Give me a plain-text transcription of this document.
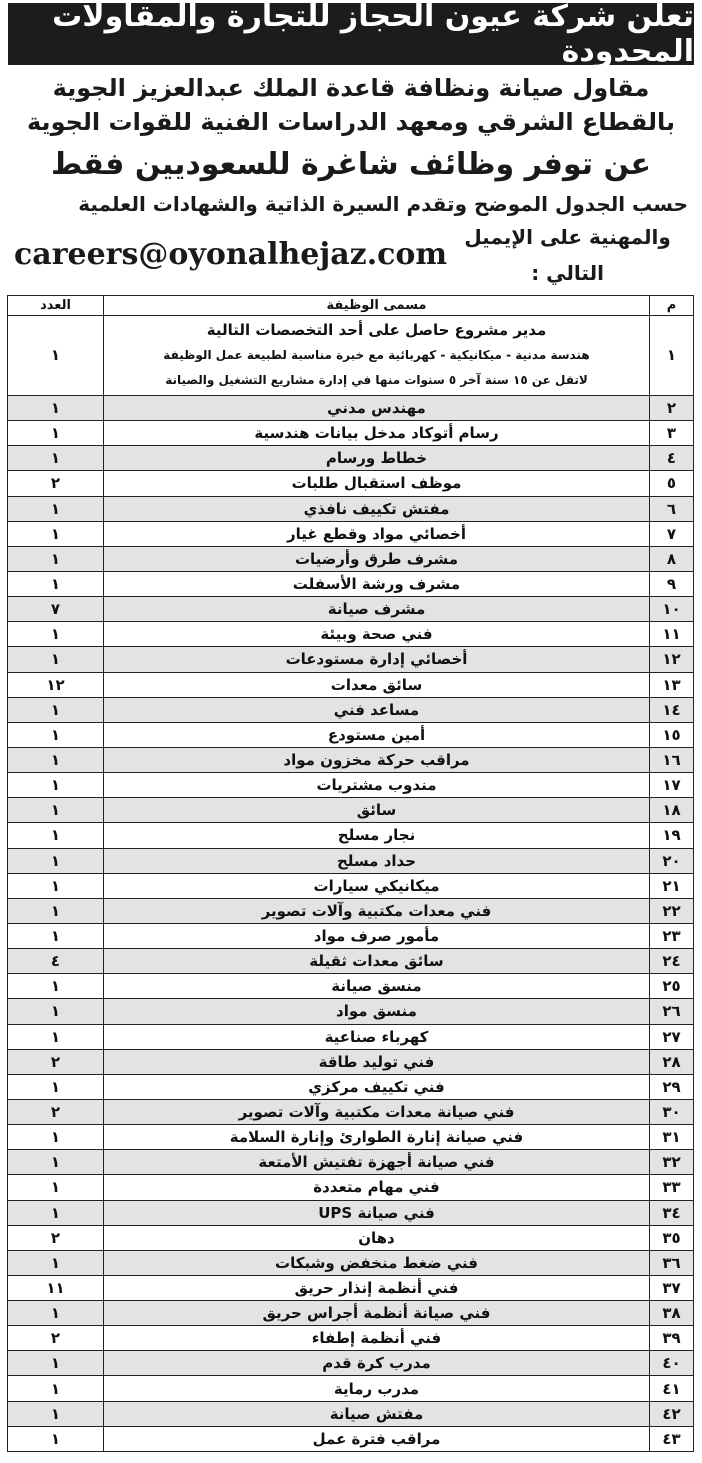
تعلن شركة عيون الحجاز للتجارة والمقاولات المحدودة
مقاول صيانة ونظافة قاعدة الملك عبدالعزيز الجوية
بالقطاع الشرقي ومعهد الدراسات الفنية للقوات الجوية
عن توفر وظائف شاغرة للسعوديين فقط
حسب الجدول الموضح وتقدم السيرة الذاتية والشهادات العلمية
والمهنية على الإيميل التالي :
careers@oyonalhejaz.com
م	مسمى الوظيفة	العدد
١	مدير مشروع حاصل على أحد التخصصات التالية
هندسة مدنية - ميكانيكية - كهربائية مع خبرة مناسبة لطبيعة عمل الوظيفة
لاتقل عن ١٥ سنة آخر ٥ سنوات منها في إدارة مشاريع التشغيل والصيانة	١
٢	مهندس مدني	١
٣	رسام أتوكاد مدخل بيانات هندسية	١
٤	خطاط ورسام	١
٥	موظف استقبال طلبات	٢
٦	مفتش تكييف نافذي	١
٧	أخصائي مواد وقطع غيار	١
٨	مشرف طرق وأرضيات	١
٩	مشرف ورشة الأسفلت	١
١٠	مشرف صيانة	٧
١١	فني صحة وبيئة	١
١٢	أخصائي إدارة مستودعات	١
١٣	سائق معدات	١٢
١٤	مساعد فني	١
١٥	أمين مستودع	١
١٦	مراقب حركة مخزون مواد	١
١٧	مندوب مشتريات	١
١٨	سائق	١
١٩	نجار مسلح	١
٢٠	حداد مسلح	١
٢١	ميكانيكي سيارات	١
٢٢	فني معدات مكتبية وآلات تصوير	١
٢٣	مأمور صرف مواد	١
٢٤	سائق معدات ثقيلة	٤
٢٥	منسق صيانة	١
٢٦	منسق مواد	١
٢٧	كهرباء صناعية	١
٢٨	فني توليد طاقة	٢
٢٩	فني تكييف مركزي	١
٣٠	فني صيانة معدات مكتبية وآلات تصوير	٢
٣١	فني صيانة إنارة الطوارئ وإنارة السلامة	١
٣٢	فني صيانة أجهزة تفتيش الأمتعة	١
٣٣	فني مهام متعددة	١
٣٤	فني صيانة UPS	١
٣٥	دهان	٢
٣٦	فني ضغط منخفض وشبكات	١
٣٧	فني أنظمة إنذار حريق	١١
٣٨	فني صيانة أنظمة أجراس حريق	١
٣٩	فني أنظمة إطفاء	٢
٤٠	مدرب كرة قدم	١
٤١	مدرب رماية	١
٤٢	مفتش صيانة	١
٤٣	مراقب فترة عمل	١
